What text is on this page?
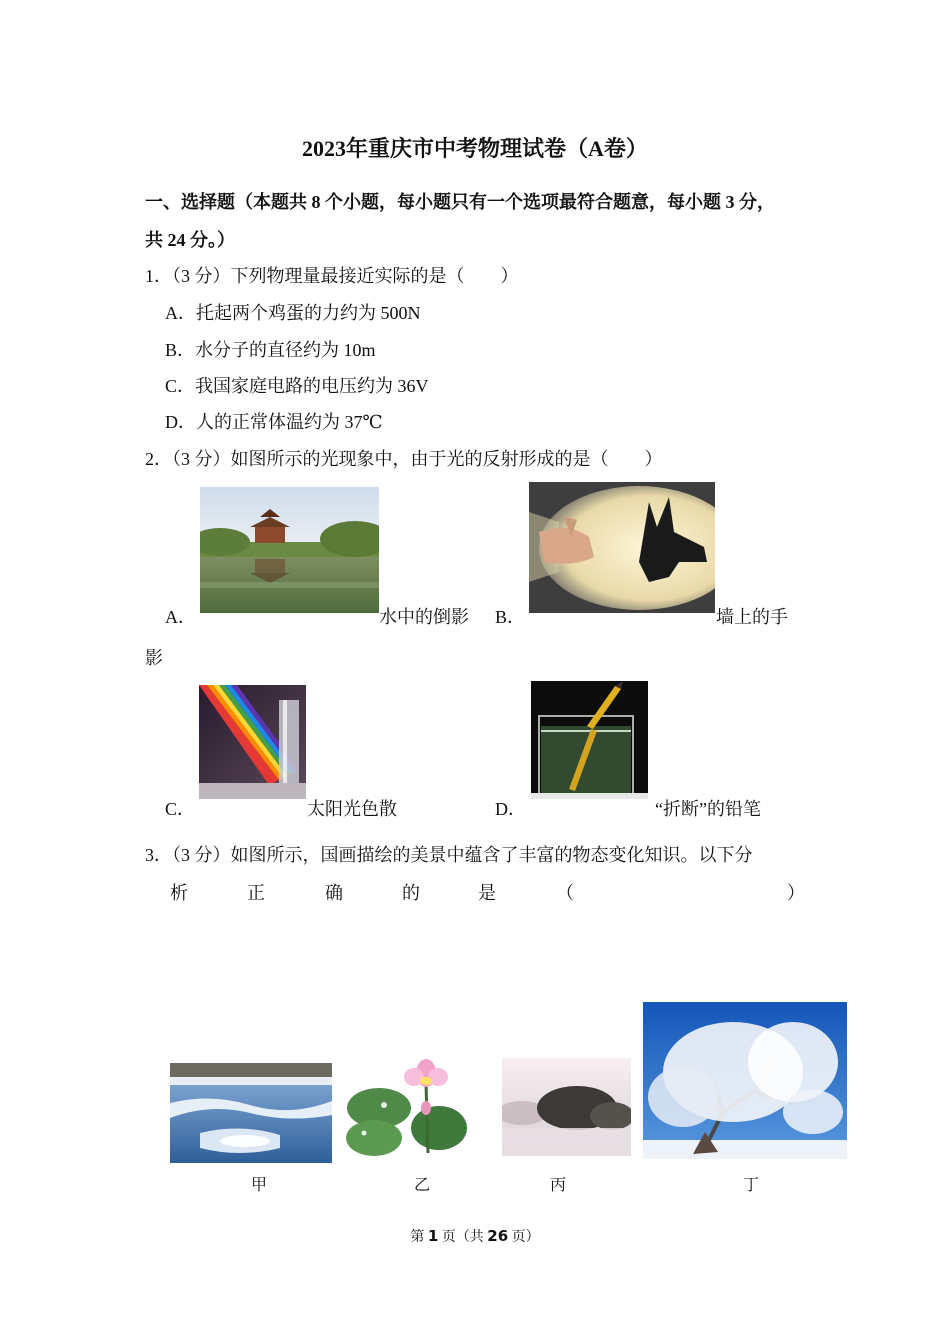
2023年重庆市中考物理试卷（A卷）
一、选择题（本题共 8 个小题，每小题只有一个选项最符合题意，每小题 3 分，
共 24 分。）
1．（3 分）下列物理量最接近实际的是（　　）
A．托起两个鸡蛋的力约为 500N
B．水分子的直径约为 10m
C．我国家庭电路的电压约为 36V
D．人的正常体温约为 37℃
2．（3 分）如图所示的光现象中，由于光的反射形成的是（　　）
A．	水中的倒影 B．	墙上的手
影
C．	太阳光色散	D．	“折断”的铅笔
3．（3 分）如图所示，国画描绘的美景中蕴含了丰富的物态变化知识。以下分
析	正	确	的	是	（	）
甲	乙	丙	丁
第 1 页（共 26 页）
